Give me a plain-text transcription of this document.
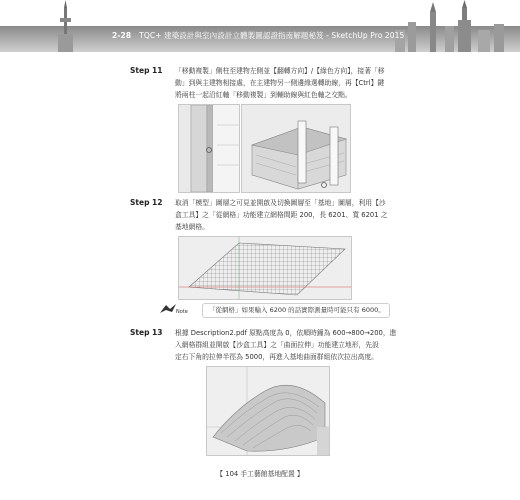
2-28 TQC+ 建築設計與室內設計立體製圖認證指南解題秘笈 - SketchUp Pro 2015
Step 11 「移動複製」側柱至建物左側並【翻轉方向】/【綠色方向】，接著「移
動」到與主建物相接處，在主建物另一側邊緣選轉助線，再【Ctrl】鍵
將兩柱一起沿紅軸「移動複製」到輔助線與紅色軸之交點。
Step 12 取消「模型」圖層之可見並開啟及切換圖層至「基地」圖層，利用【沙
盒工具】之「從網格」功能建立網格間距 200，長 6201、寬 6201 之
基地網格。
Note	「從網格」如果輸入 6200 的話實際測量時可能只有 6000。
Step 13 根據 Description2.pdf 原點高度為 0，依順時鐘為 600→800→200，進
入網格群組並開啟【沙盒工具】之「曲面拉伸」功能建立地形，先設
定右下角的拉伸半徑為 5000，再進入基地曲面群組依次拉出高度。
【 104 手工藝館基地配置 】
